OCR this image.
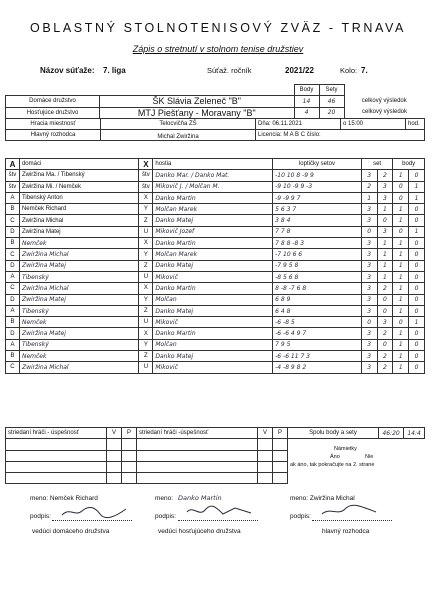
OBLASTNÝ STOLNOTENISOVÝ ZVÄZ - TRNAVA
Zápis o stretnutí v stolnom tenise družstiev
Názov súťaže: 7. liga	Súťaž. ročník	2021/22	Kolo: 7.
		Body	Sety	
Domáce družstvo	ŠK Slávia Zeleneč "B"	14	46	celkový výsledok
Hosťujúce družstvo	MTJ Piešťany - Moravany "B"	4	20	celkový výsledok
Hracia miestnosť	Telocvičňa ZŠ	Dňa: 06.11.2021	o 15:00	hod.
Hlavný rozhodca	Michal Zwiržina	Licencia: M A B C číslo:		
A	domáci	X	hostia	loptičky setov	set		body	
štv	Zwiržina Ma. / Tibenský	štv	Danko Mar. / Danko Mat.	-10 10 8 -9 9	3	2	1	0
štv	Zwiržina Mi. / Nemček	štv	Mikovič J. / Molčan M.	-9 10 -9 9 -3	2	3	0	1
A	Tibenský Anton	X	Danko Martin	-9 -9 9 7	1	3	0	1
B	Nemček Richard	Y	Molčan Marek	5 6 3 7	3	1	1	0
C	Zwiržina Michal	Z	Danko Matej	3 8 4	3	0	1	0
D	Zwiržina Matej	U	Mikovič Jozef	7 7 8	0	3	0	1
B	Nemček	X	Danko Martin	7 8 8 -8 3	3	1	1	0
C	Zwiržina Michal	Y	Molčan Marek	-7 10 6 6	3	1	1	0
D	Zwiržina Matej	Z	Danko Matej	-7 9 5 8	3	1	1	0
A	Tibenský	U	Mikovič	-8 5 6 8	3	1	1	0
C	Zwiržina Michal	X	Danko Martin	8 -8 -7 6 8	3	2	1	0
D	Zwiržina Matej	Y	Molčan	6 8 9	3	0	1	0
A	Tibenský	Z	Danko Matej	6 4 8	3	0	1	0
B	Nemček	U	Mikovič	-6 -8 5	0	3	0	1
D	Zwiržina Matej	X	Danko Martin	-6 -6 4 9 7	3	2	1	0
A	Tibenský	Y	Molčan	7 9 5	3	0	1	0
B	Nemček	Z	Danko Matej	-6 -6 11 7 3	3	2	1	0
C	Zwiržina Michal	U	Mikovič	-4 -8 9 8 2	3	2	1	0
striedaní hráči - úspešnosť	V	P	striedaní hráči -úspešnosť	V	P	Spolu body a sety	46:20	14:4

Námietky
Áno	Nie
ak áno, tak pokračujte na 2. strane
meno: Nemček Richard
podpis:
vedúci domáceho družstva
meno: Danko Martin
podpis:
vedúci hosťujúceho družstva
meno: Zwiržina Michal
podpis:
hlavný rozhodca
